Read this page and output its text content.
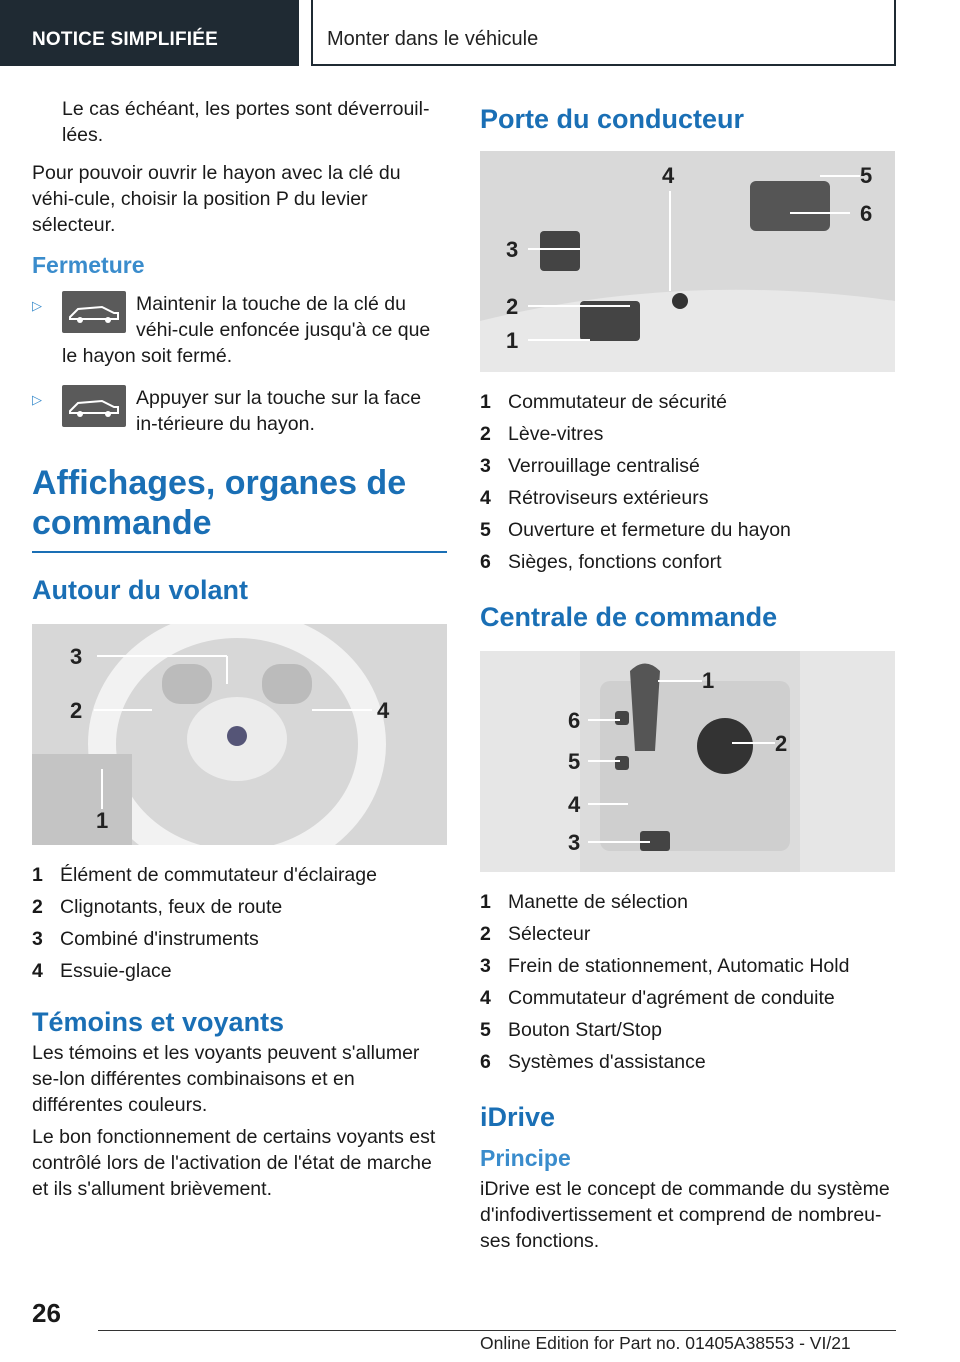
NOTICE SIMPLIFIÉE	Monter dans le véhicule

Le cas échéant, les portes sont déverrouil-lées.

Pour pouvoir ouvrir le hayon avec la clé du véhi-cule, choisir la position P du levier sélecteur.

Fermeture
▷	Maintenir la touche de la clé du véhi-cule enfoncée jusqu'à ce que le hayon soit fermé.
▷	Appuyer sur la touche sur la face in-térieure du hayon.
Affichages, organes de commande
Autour du volant
3
2	4
1
1 Élément de commutateur d'éclairage
2 Clignotants, feux de route
3 Combiné d'instruments
4 Essuie-glace
Témoins et voyants

Les témoins et les voyants peuvent s'allumer se-lon différentes combinaisons et en différentes couleurs.

Le bon fonctionnement de certains voyants est contrôlé lors de l'activation de l'état de marche et ils s'allument brièvement.

Porte du conducteur
4	5
6
3
2
1
1 Commutateur de sécurité
2 Lève-vitres
3 Verrouillage centralisé
4 Rétroviseurs extérieurs
5 Ouverture et fermeture du hayon
6 Sièges, fonctions confort
Centrale de commande
1
6
2
5
4
3
1 Manette de sélection
2 Sélecteur
3 Frein de stationnement, Automatic Hold
4 Commutateur d'agrément de conduite
5 Bouton Start/Stop
6 Systèmes d'assistance
iDrive
Principe

iDrive est le concept de commande du système d'infodivertissement et comprend de nombreu-ses fonctions.

26
Online Edition for Part no. 01405A38553 - VI/21
